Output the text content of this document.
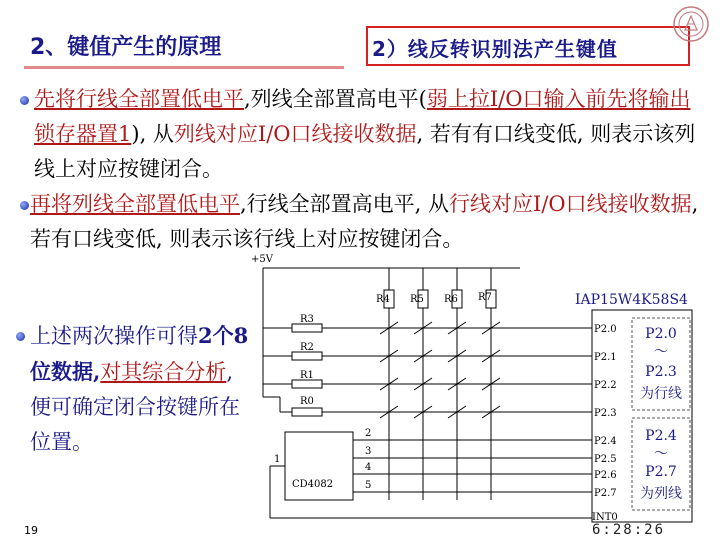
2、键值产生的原理	2）线反转识别法产生键值
先将行线全部置低电平,列线全部置高电平(弱上拉I/O口输入前先将输出锁存器置1), 从列线对应I/O口线接收数据, 若有有口线变低, 则表示该列线上对应按键闭合。
再将列线全部置低电平,行线全部置高电平, 从行线对应I/O口线接收数据, 若有口线变低, 则表示该行线上对应按键闭合。
上述两次操作可得2个8位数据,对其综合分析, 便可确定闭合按键所在位置。
+5V
R4 R5 R6 R7
R3
R2
R1
R0
P2.0
P2.1
P2.2
P2.3
P2.4
P2.5
P2.6
P2.7
INT0
2
3
4
5
1
CD4082
IAP15W4K58S4
P2.0
～
P2.3
为行线
P2.4
～
P2.7
为列线
19	6:28:26
